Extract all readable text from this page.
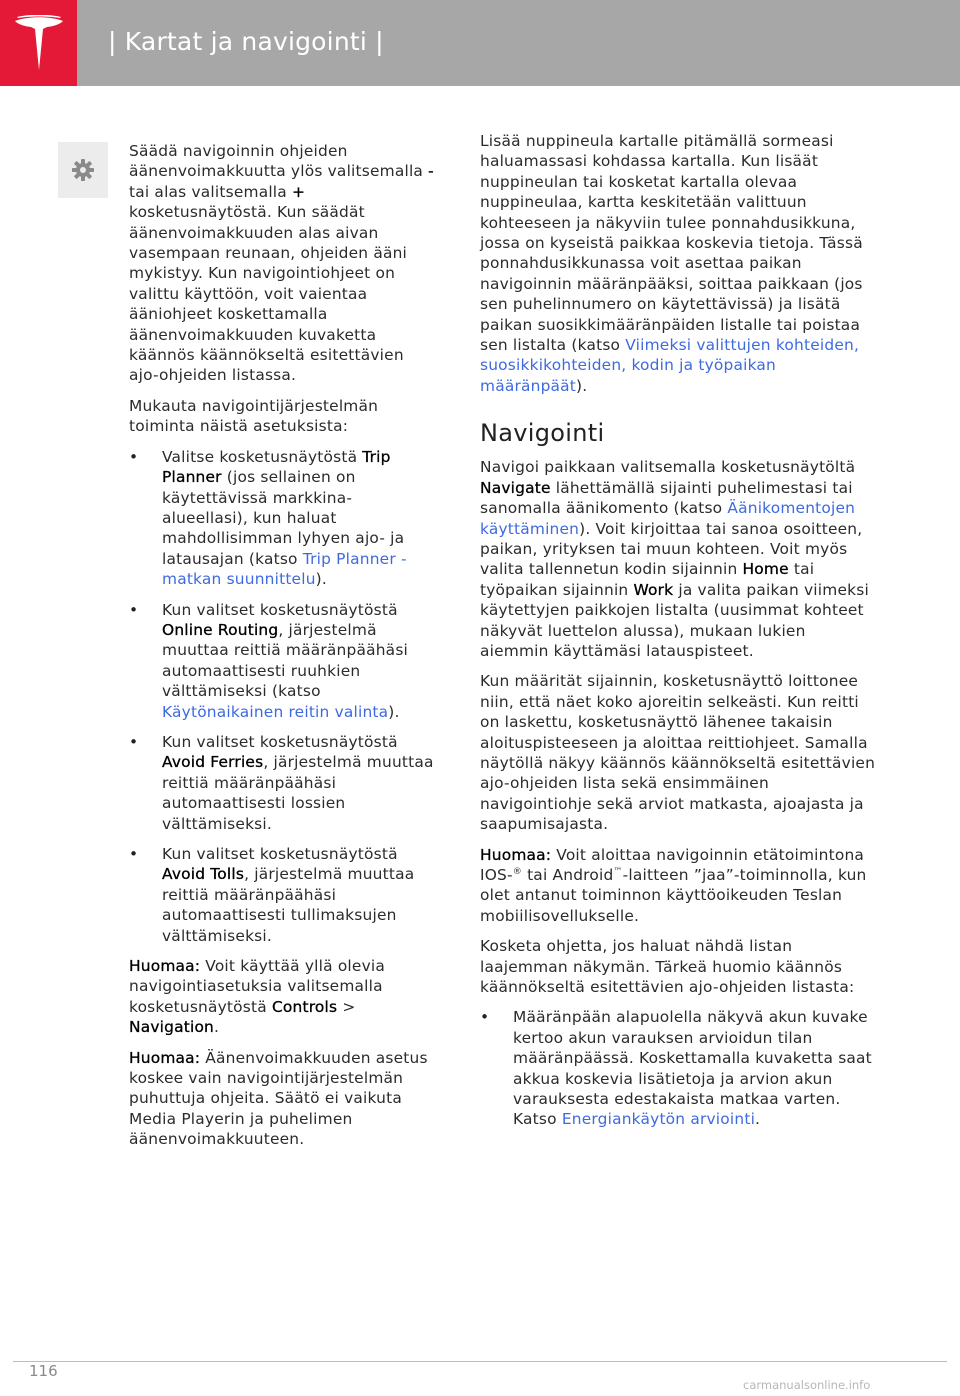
| Kartat ja navigointi |

Säädä navigoinnin ohjeiden äänenvoimakkuutta ylös valitsemalla - tai alas valitsemalla + kosketusnäytöstä. Kun säädät äänenvoimakkuuden alas aivan vasempaan reunaan, ohjeiden ääni mykistyy. Kun navigointiohjeet on valittu käyttöön, voit vaientaa ääniohjeet koskettamalla äänenvoimakkuuden kuvaketta käännös käännökseltä esitettävien ajo-ohjeiden listassa.

Mukauta navigointijärjestelmän toiminta näistä asetuksista:

• Valitse kosketusnäytöstä Trip Planner (jos sellainen on käytettävissä markkina-alueellasi), kun haluat mahdollisimman lyhyen ajo- ja latausajan (katso Trip Planner - matkan suunnittelu).
• Kun valitset kosketusnäytöstä Online Routing, järjestelmä muuttaa reittiä määränpäähäsi automaattisesti ruuhkien välttämiseksi (katso Käytönaikainen reitin valinta).
• Kun valitset kosketusnäytöstä Avoid Ferries, järjestelmä muuttaa reittiä määränpäähäsi automaattisesti lossien välttämiseksi.
• Kun valitset kosketusnäytöstä Avoid Tolls, järjestelmä muuttaa reittiä määränpäähäsi automaattisesti tullimaksujen välttämiseksi.

Huomaa: Voit käyttää yllä olevia navigointiasetuksia valitsemalla kosketusnäytöstä Controls > Navigation.

Huomaa: Äänenvoimakkuuden asetus koskee vain navigointijärjestelmän puhuttuja ohjeita. Säätö ei vaikuta Media Playerin ja puhelimen äänenvoimakkuuteen.

Lisää nuppineula kartalle pitämällä sormeasi haluamassasi kohdassa kartalla. Kun lisäät nuppineulan tai kosketat kartalla olevaa nuppineulaa, kartta keskitetään valittuun kohteeseen ja näkyviin tulee ponnahdusikkuna, jossa on kyseistä paikkaa koskevia tietoja. Tässä ponnahdusikkunassa voit asettaa paikan navigoinnin määränpääksi, soittaa paikkaan (jos sen puhelinnumero on käytettävissä) ja lisätä paikan suosikkimääränpäiden listalle tai poistaa sen listalta (katso Viimeksi valittujen kohteiden, suosikkikohteiden, kodin ja työpaikan määränpäät).

Navigointi

Navigoi paikkaan valitsemalla kosketusnäytöltä Navigate lähettämällä sijainti puhelimestasi tai sanomalla äänikomento (katso Äänikomentojen käyttäminen). Voit kirjoittaa tai sanoa osoitteen, paikan, yrityksen tai muun kohteen. Voit myös valita tallennetun kodin sijainnin Home tai työpaikan sijainnin Work ja valita paikan viimeksi käytettyjen paikkojen listalta (uusimmat kohteet näkyvät luettelon alussa), mukaan lukien aiemmin käyttämäsi latauspisteet.

Kun määrität sijainnin, kosketusnäyttö loittonee niin, että näet koko ajoreitin selkeästi. Kun reitti on laskettu, kosketusnäyttö lähenee takaisin aloituspisteeseen ja aloittaa reittiohjeet. Samalla näytöllä näkyy käännös käännökseltä esitettävien ajo-ohjeiden lista sekä ensimmäinen navigointiohje sekä arviot matkasta, ajoajasta ja saapumisajasta.

Huomaa: Voit aloittaa navigoinnin etätoimintona IOS-® tai Android™-laitteen ”jaa”-toiminnolla, kun olet antanut toiminnon käyttöoikeuden Teslan mobiilisovellukselle.

Kosketa ohjetta, jos haluat nähdä listan laajemman näkymän. Tärkeä huomio käännös käännökseltä esitettävien ajo-ohjeiden listasta:

• Määränpään alapuolella näkyvä akun kuvake kertoo akun varauksen arvioidun tilan määränpäässä. Koskettamalla kuvaketta saat akkua koskevia lisätietoja ja arvion akun varauksesta edestakaista matkaa varten. Katso Energiankäytön arviointi.
116
carmanualsonline.info
